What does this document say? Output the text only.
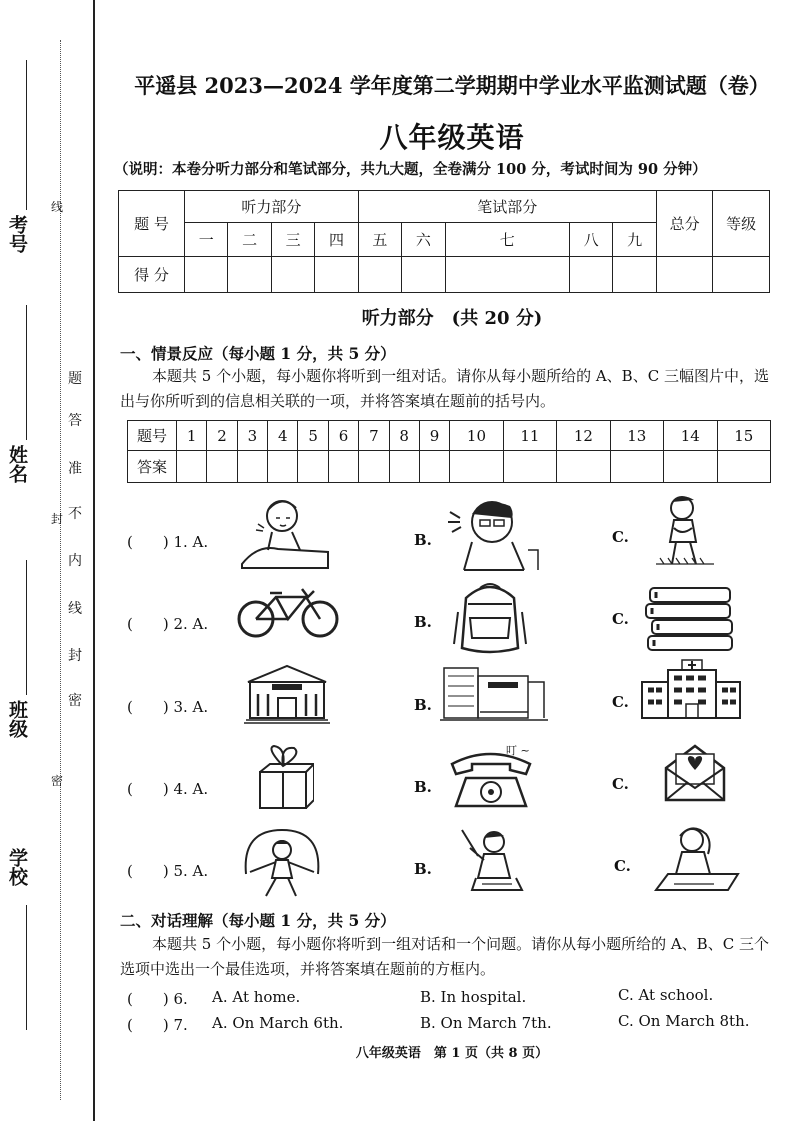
考号
姓名
班级
学校
线
密
封
题
答
准
不
内
线
封
密
平遥县 2023—2024 学年度第二学期期中学业水平监测试题（卷）
八年级英语
（说明：本卷分听力部分和笔试部分，共九大题，全卷满分 100 分，考试时间为 90 分钟）
题 号	听力部分				笔试部分					总分	等级
	一	二	三	四	五	六	七	八	九		
得 分											
听力部分　(共 20 分)
一、情景反应（每小题 1 分，共 5 分）
本题共 5 个小题，每小题你将听到一组对话。请你从每小题所给的 A、B、C 三幅图片中，选出与你所听到的信息相关联的一项，并将答案填在题前的括号内。
题号	1	2	3	4	5	6	7	8	9	10	11	12	13	14	15
答案															
(　　) 1. A.	B.	C.
(　　) 2. A.	B.	C.
(　　) 3. A.	B.	C.
(　　) 4. A.	B.	C.
(　　) 5. A.	B.	C.
叮 ~
二、对话理解（每小题 1 分，共 5 分）
本题共 5 个小题，每小题你将听到一组对话和一个问题。请你从每小题所给的 A、B、C 三个选项中选出一个最佳选项，并将答案填在题前的方框内。
(　　) 6. A. At home.	B. In hospital.	C. At school.
(　　) 7. A. On March 6th.	B. On March 7th.	C. On March 8th.
八年级英语　第 1 页（共 8 页）
